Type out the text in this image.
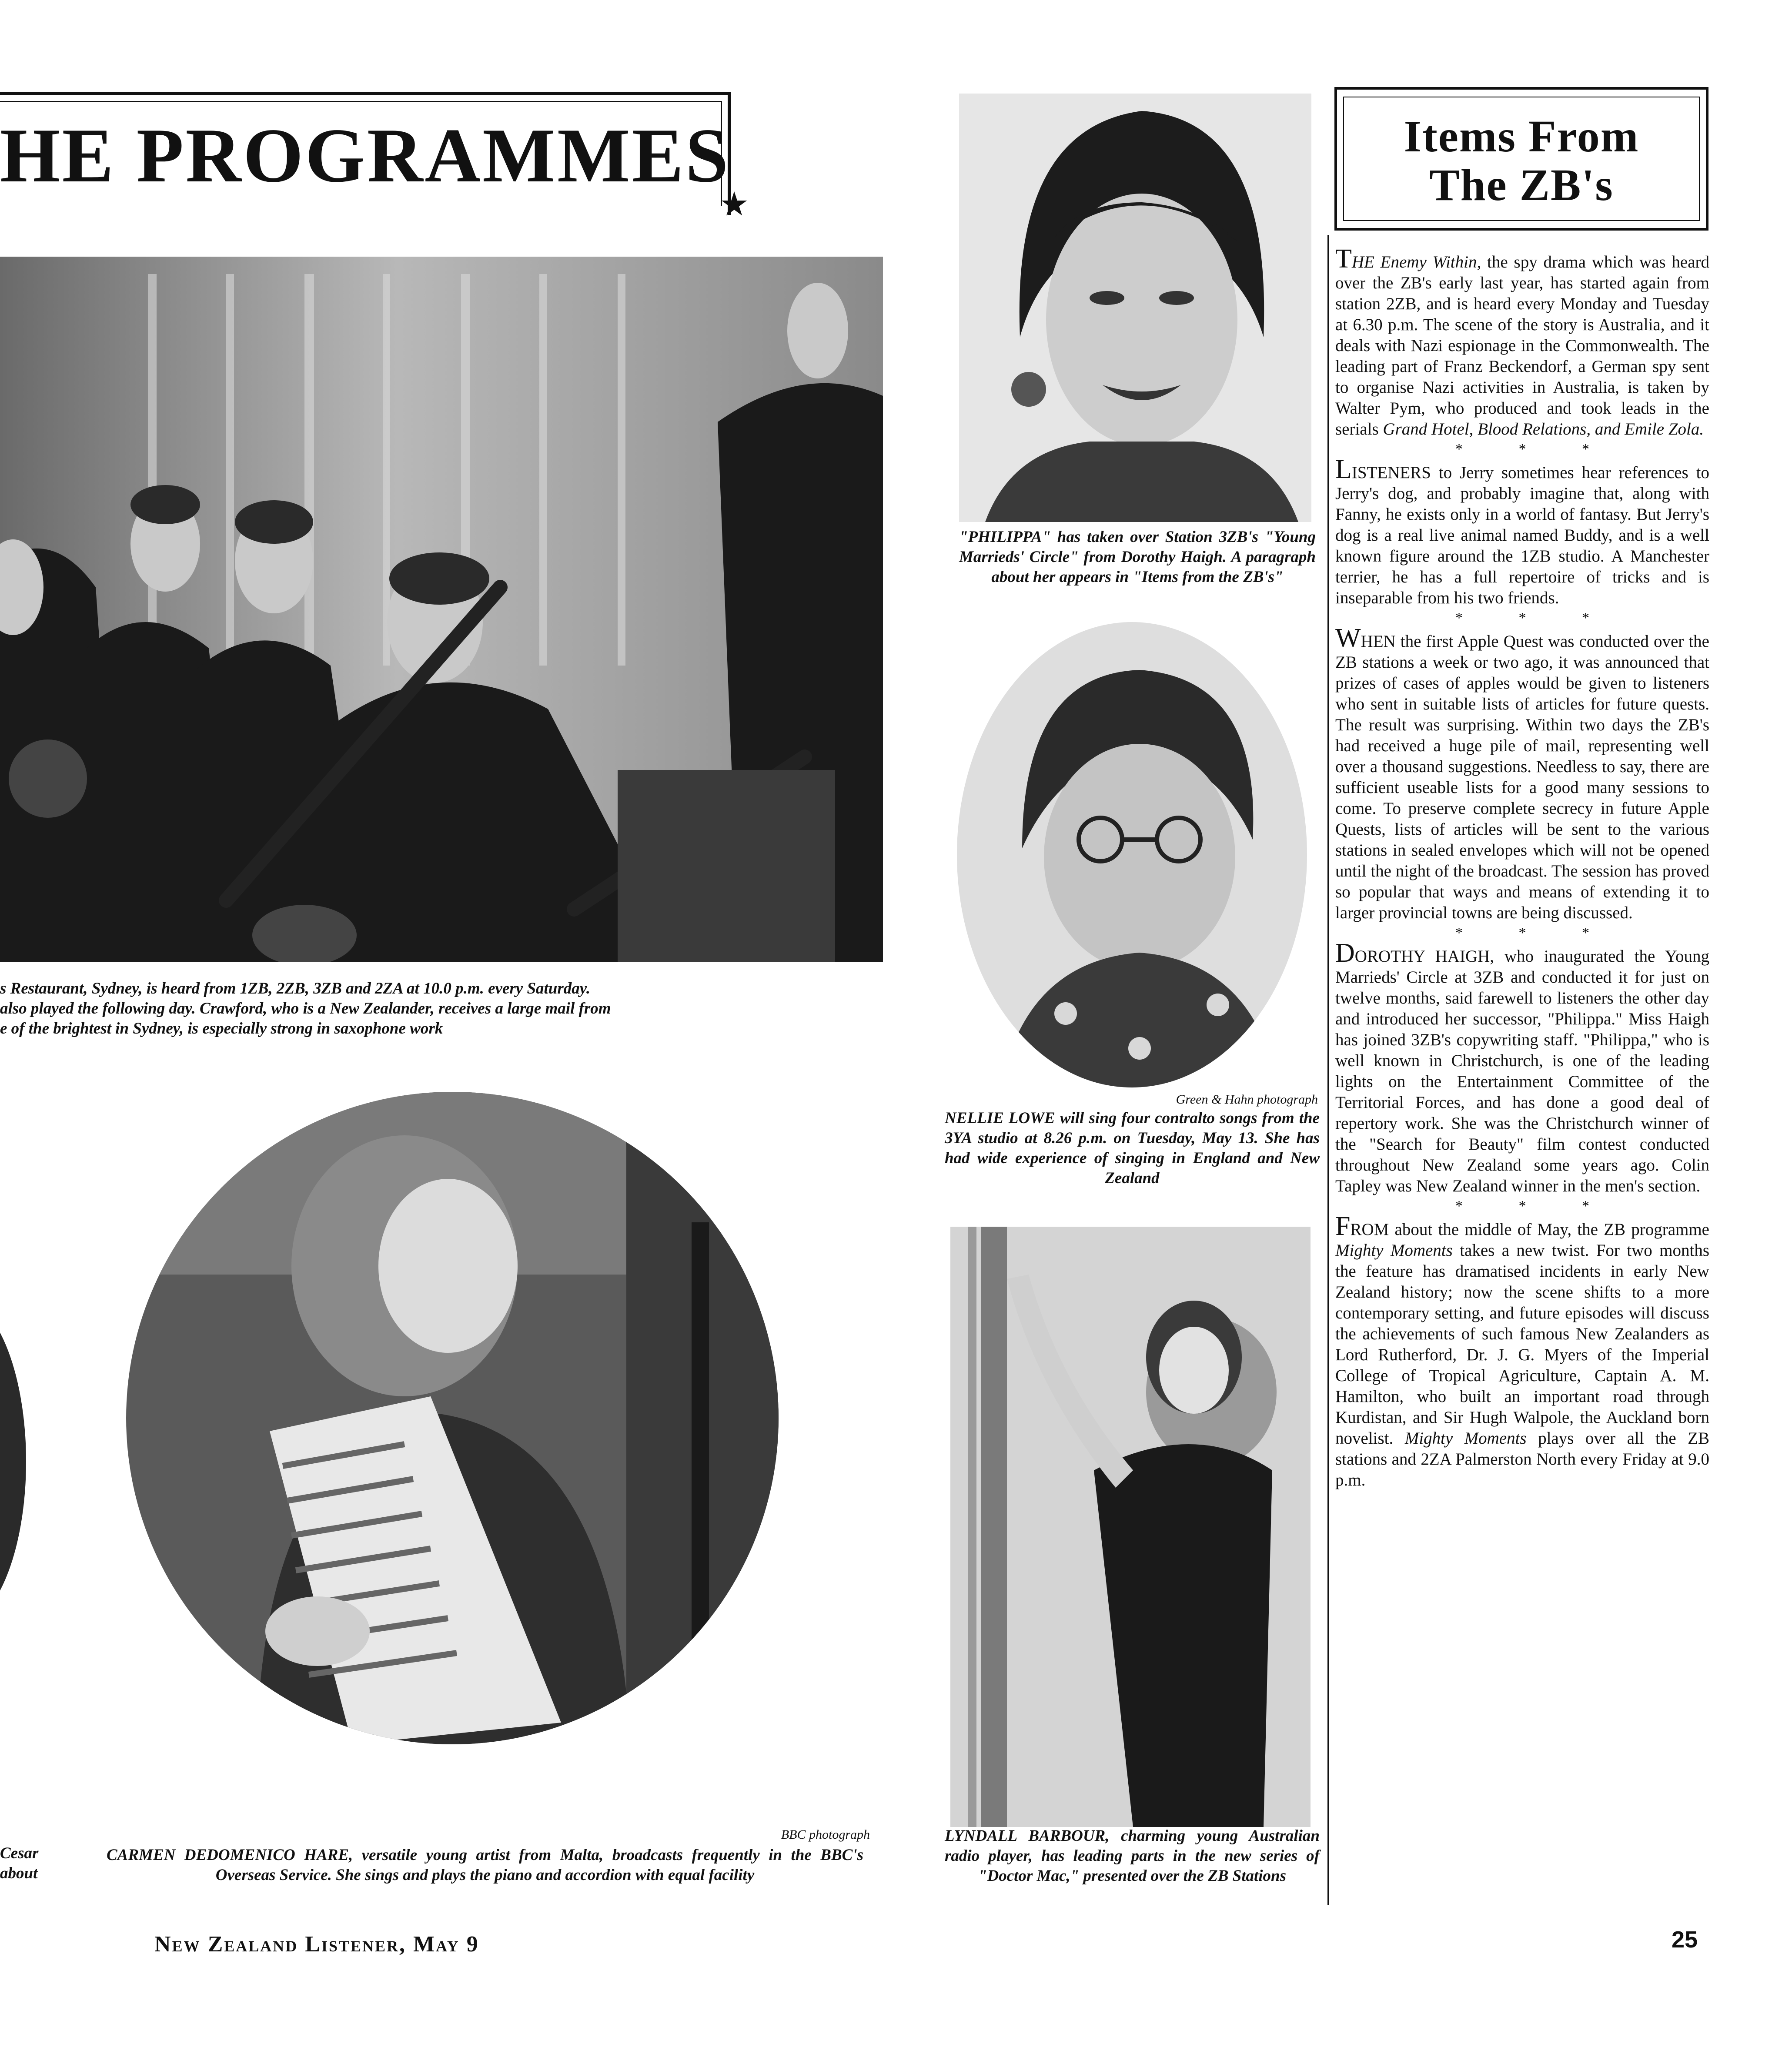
HE PROGRAMMES
★
s Restaurant, Sydney, is heard from 1ZB, 2ZB, 3ZB and 2ZA at 10.0 p.m. every Saturday.
also played the following day. Crawford, who is a New Zealander, receives a large mail from
e of the brightest in Sydney, is especially strong in saxophone work
BBC photograph
CARMEN DEDOMENICO HARE, versatile young artist from Malta, broadcasts frequently in the BBC's Overseas Service. She sings and plays the piano and accordion with equal facility
Cesar
about
"PHILIPPA" has taken over Station 3ZB's "Young Marrieds' Circle" from Dorothy Haigh. A paragraph about her appears in "Items from the ZB's"
Green & Hahn photograph
NELLIE LOWE will sing four contralto songs from the 3YA studio at 8.26 p.m. on Tuesday, May 13. She has had wide experience of singing in England and New Zealand
LYNDALL BARBOUR, charming young Australian radio player, has leading parts in the new series of "Doctor Mac," presented over the ZB Stations
Items From
The ZB's

THE Enemy Within, the spy drama which was heard over the ZB's early last year, has started again from station 2ZB, and is heard every Monday and Tuesday at 6.30 p.m. The scene of the story is Australia, and it deals with Nazi espionage in the Commonwealth. The leading part of Franz Beckendorf, a German spy sent to organise Nazi activities in Australia, is taken by Walter Pym, who produced and took leads in the serials Grand Hotel, Blood Relations, and Emile Zola.

* * *

LISTENERS to Jerry sometimes hear references to Jerry's dog, and probably imagine that, along with Fanny, he exists only in a world of fantasy. But Jerry's dog is a real live animal named Buddy, and is a well known figure around the 1ZB studio. A Manchester terrier, he has a full repertoire of tricks and is inseparable from his two friends.

* * *

WHEN the first Apple Quest was conducted over the ZB stations a week or two ago, it was announced that prizes of cases of apples would be given to listeners who sent in suitable lists of articles for future quests. The result was surprising. Within two days the ZB's had received a huge pile of mail, representing well over a thousand suggestions. Needless to say, there are sufficient useable lists for a good many sessions to come. To preserve complete secrecy in future Apple Quests, lists of articles will be sent to the various stations in sealed envelopes which will not be opened until the night of the broadcast. The session has proved so popular that ways and means of extending it to larger provincial towns are being discussed.

* * *

DOROTHY HAIGH, who inaugurated the Young Marrieds' Circle at 3ZB and conducted it for just on twelve months, said farewell to listeners the other day and introduced her successor, "Philippa." Miss Haigh has joined 3ZB's copywriting staff. "Philippa," who is well known in Christchurch, is one of the leading lights on the Entertainment Committee of the Territorial Forces, and has done a good deal of repertory work. She was the Christchurch winner of the "Search for Beauty" film contest conducted throughout New Zealand some years ago. Colin Tapley was New Zealand winner in the men's section.

* * *

FROM about the middle of May, the ZB programme Mighty Moments takes a new twist. For two months the feature has dramatised incidents in early New Zealand history; now the scene shifts to a more contemporary setting, and future episodes will discuss the achievements of such famous New Zealanders as Lord Rutherford, Dr. J. G. Myers of the Imperial College of Tropical Agriculture, Captain A. M. Hamilton, who built an important road through Kurdistan, and Sir Hugh Walpole, the Auckland born novelist. Mighty Moments plays over all the ZB stations and 2ZA Palmerston North every Friday at 9.0 p.m.

New Zealand Listener, May 9	25
